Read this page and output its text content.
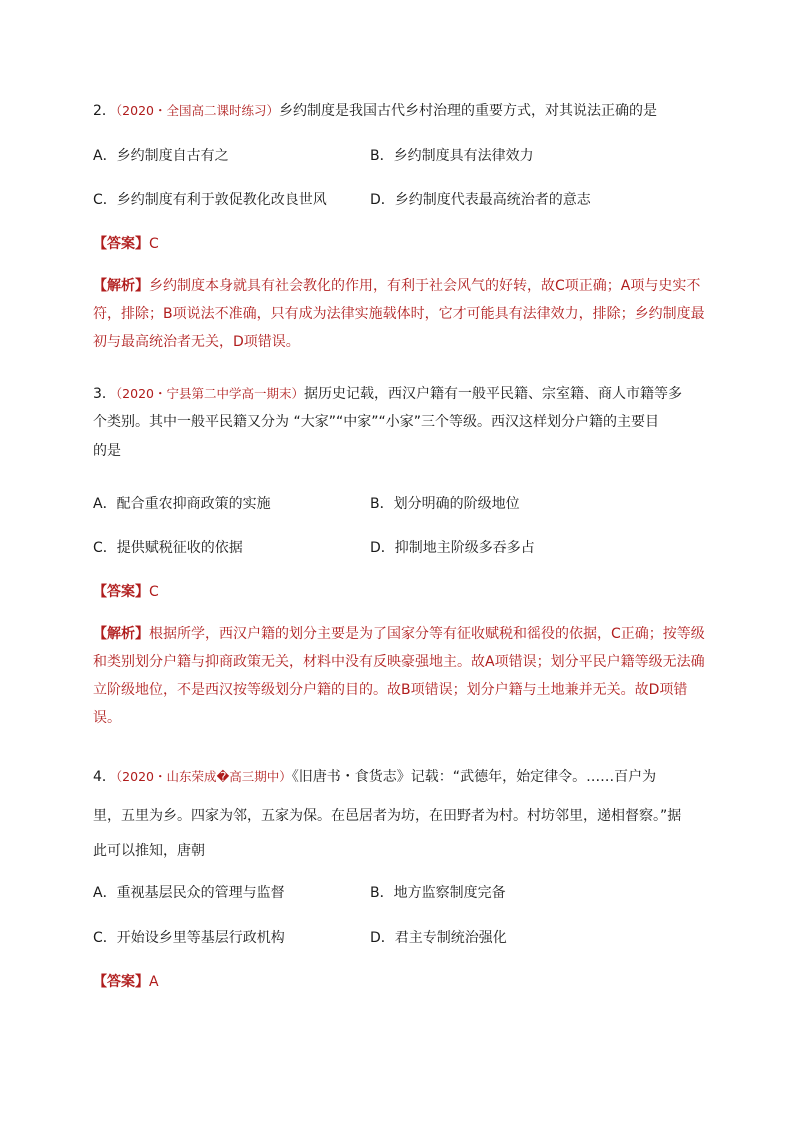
2．（2020・全国高二课时练习）乡约制度是我国古代乡村治理的重要方式，对其说法正确的是
A．乡约制度自古有之	B．乡约制度具有法律效力
C．乡约制度有利于敦促教化改良世风	D．乡约制度代表最高统治者的意志
【答案】C
【解析】乡约制度本身就具有社会教化的作用，有利于社会风气的好转，故C项正确；A项与史实不符，排除；B项说法不准确，只有成为法律实施载体时，它才可能具有法律效力，排除；乡约制度最初与最高统治者无关，D项错误。
3．（2020・宁县第二中学高一期末）据历史记载，西汉户籍有一般平民籍、宗室籍、商人市籍等多
个类别。其中一般平民籍又分为 “大家”“中家”“小家”三个等级。西汉这样划分户籍的主要目
的是
A．配合重农抑商政策的实施	B．划分明确的阶级地位
C．提供赋税征收的依据	D．抑制地主阶级多吞多占
【答案】C
【解析】根据所学，西汉户籍的划分主要是为了国家分等有征收赋税和徭役的依据，C正确；按等级和类别划分户籍与抑商政策无关，材料中没有反映豪强地主。故A项错误；划分平民户籍等级无法确立阶级地位，不是西汉按等级划分户籍的目的。故B项错误；划分户籍与土地兼并无关。故D项错误。
4．（2020・山东荣成�高三期中）《旧唐书・食货志》记载：“武德年，始定律令。……百户为
里，五里为乡。四家为邻，五家为保。在邑居者为坊，在田野者为村。村坊邻里，递相督察。”据
此可以推知，唐朝
A．重视基层民众的管理与监督	B．地方监察制度完备
C．开始设乡里等基层行政机构	D．君主专制统治强化
【答案】A
